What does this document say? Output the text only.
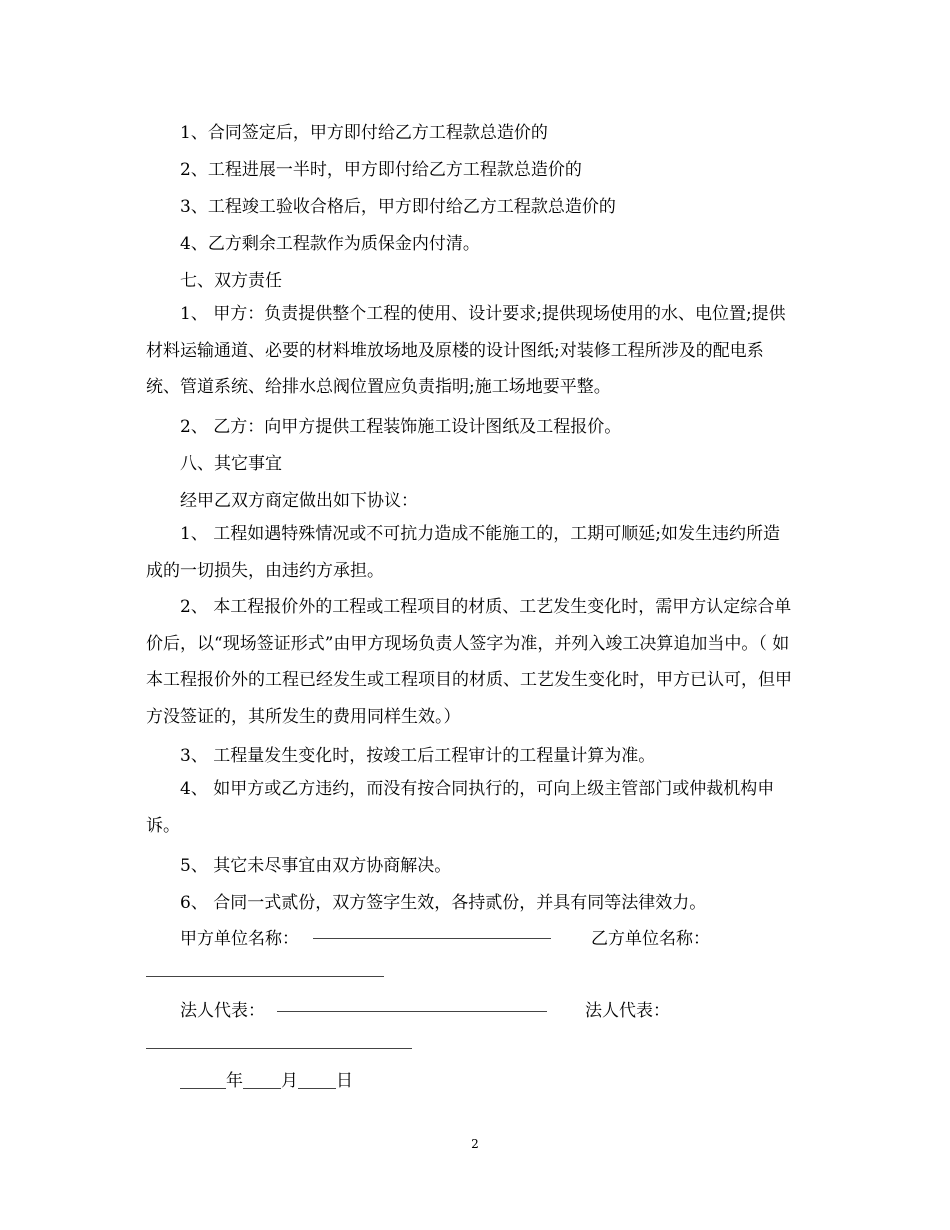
1、合同签定后，甲方即付给乙方工程款总造价的

2、工程进展一半时，甲方即付给乙方工程款总造价的

3、工程竣工验收合格后，甲方即付给乙方工程款总造价的

4、乙方剩余工程款作为质保金内付清。

七、双方责任

1、 甲方：负责提供整个工程的使用、设计要求;提供现场使用的水、电位置;提供材料运输通道、必要的材料堆放场地及原楼的设计图纸;对装修工程所涉及的配电系统、管道系统、给排水总阀位置应负责指明;施工场地要平整。

2、 乙方：向甲方提供工程装饰施工设计图纸及工程报价。

八、其它事宜

经甲乙双方商定做出如下协议：

1、 工程如遇特殊情况或不可抗力造成不能施工的，工期可顺延;如发生违约所造成的一切损失，由违约方承担。

2、 本工程报价外的工程或工程项目的材质、工艺发生变化时，需甲方认定综合单价后，以“现场签证形式”由甲方现场负责人签字为准，并列入竣工决算追加当中。（ 如本工程报价外的工程已经发生或工程项目的材质、工艺发生变化时，甲方已认可，但甲方没签证的，其所发生的费用同样生效。）

3、 工程量发生变化时，按竣工后工程审计的工程量计算为准。

4、 如甲方或乙方违约，而没有按合同执行的，可向上级主管部门或仲裁机构申诉。

5、 其它未尽事宜由双方协商解决。

6、 合同一式贰份，双方签字生效，各持贰份，并具有同等法律效力。

甲方单位名称：	乙方单位名称：
法人代表：	法人代表：
年 月 日
2
